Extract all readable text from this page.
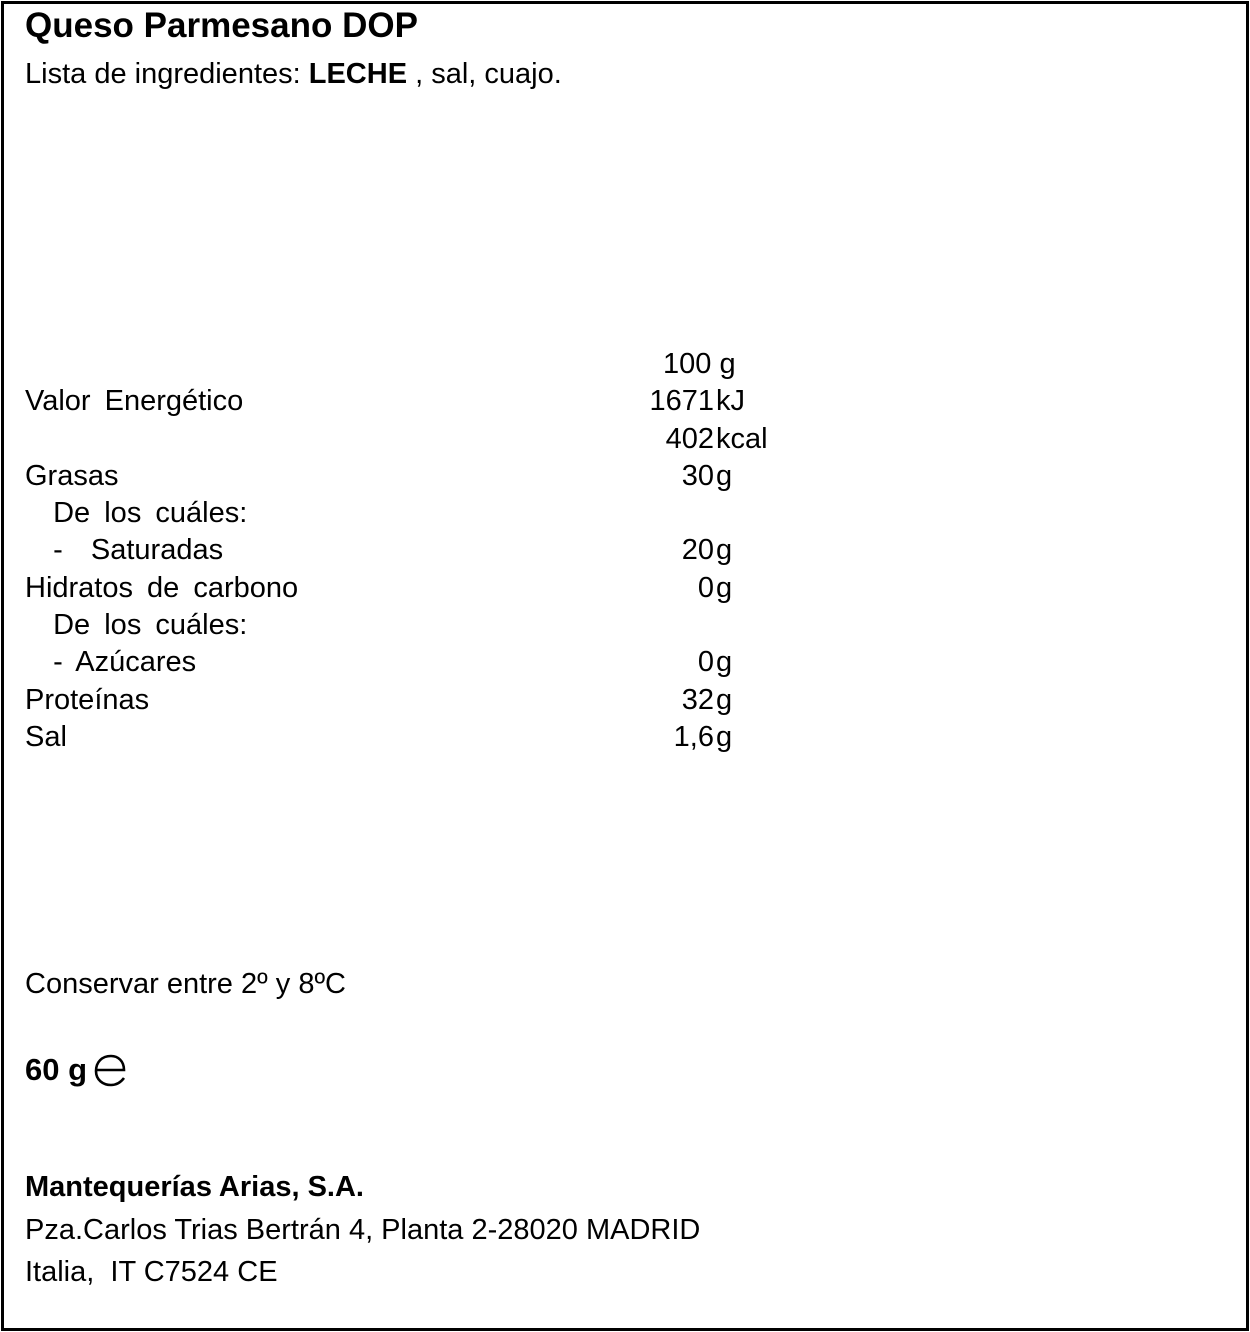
Queso Parmesano DOP
Lista de ingredientes: LECHE , sal, cuajo.
100 g
Valor Energético	1671 kJ
402 kcal
Grasas	30 g
De los cuáles:
-  Saturadas	20 g
Hidratos de carbono	0 g
De los cuáles:
- Azúcares	0 g
Proteínas	32 g
Sal	1,6 g
Conservar entre 2º y 8ºC
60 g
Mantequerías Arias, S.A.
Pza.Carlos Trias Bertrán 4, Planta 2-28020 MADRID
Italia,  IT C7524 CE
